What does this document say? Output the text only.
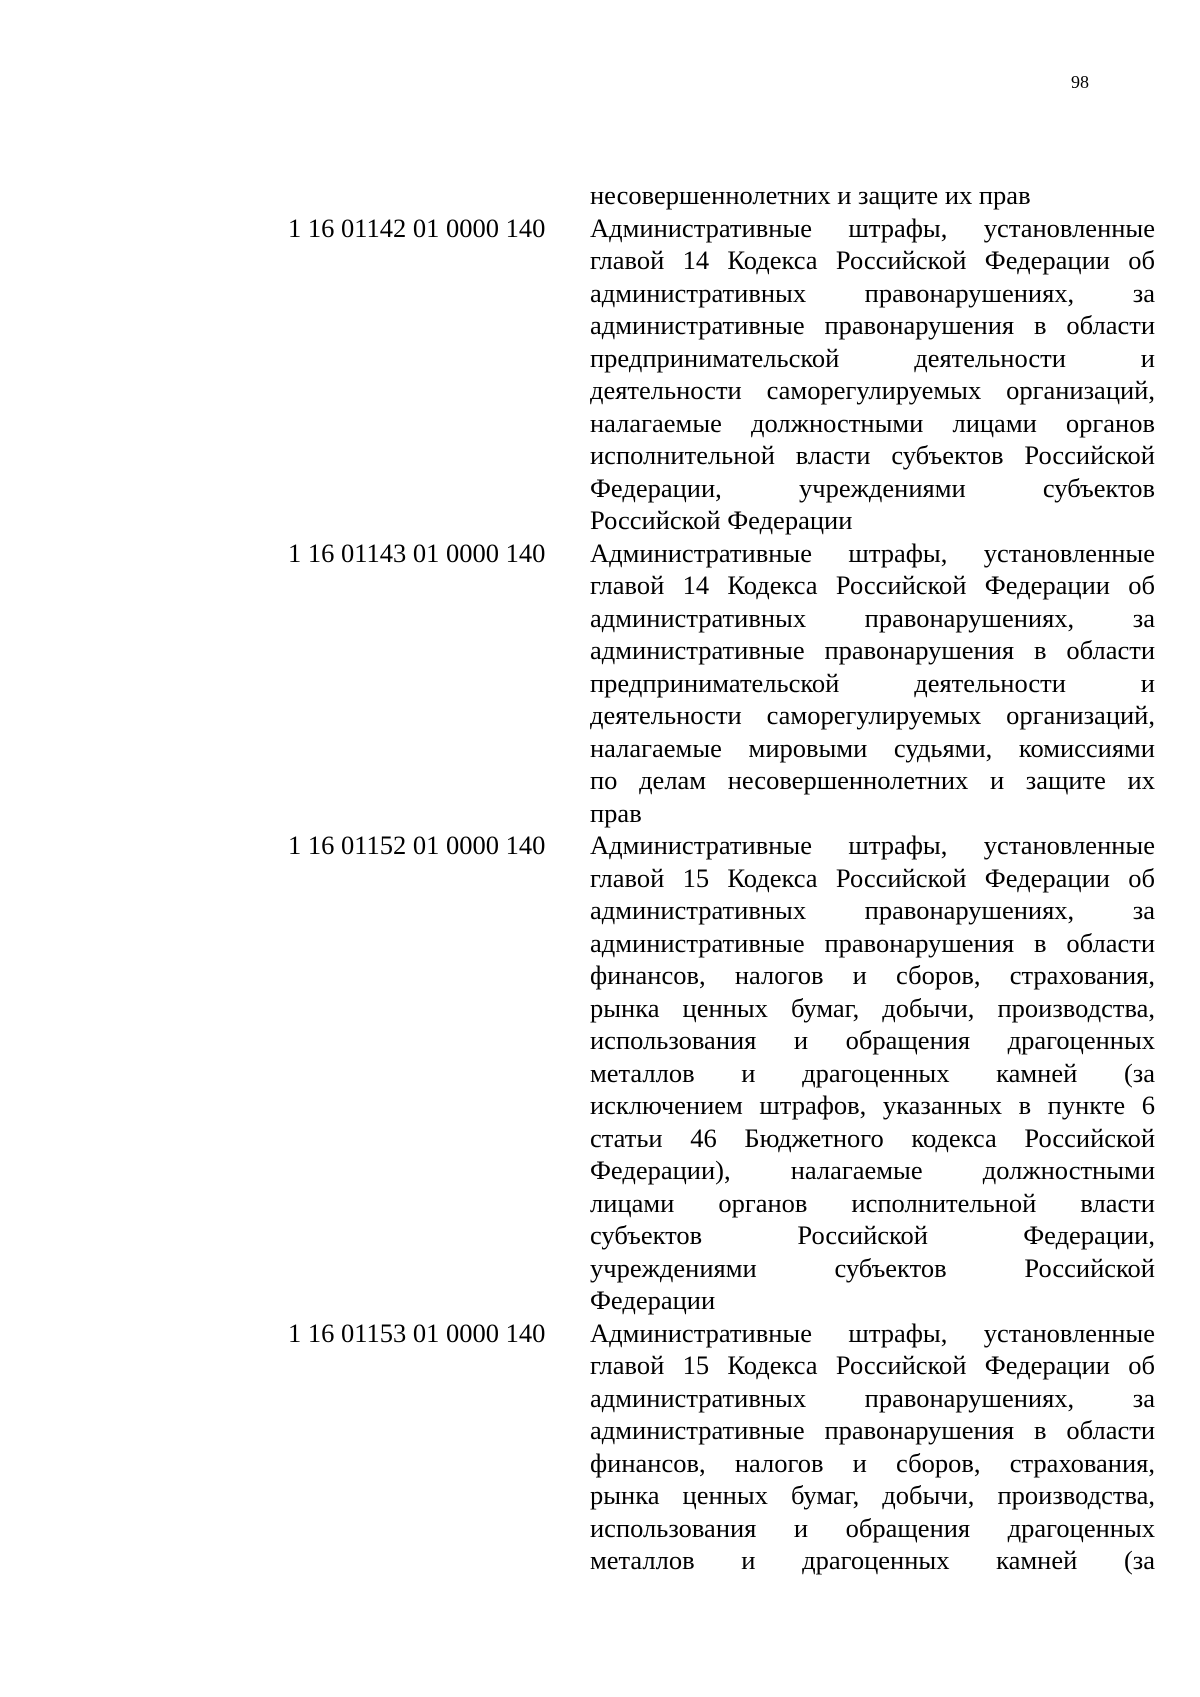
98
несовершеннолетних и защите их прав
1 16 01142 01 0000 140 Административные штрафы, установленные
главой 14 Кодекса Российской Федерации об
административных правонарушениях, за
административные правонарушения в области
предпринимательской деятельности и
деятельности саморегулируемых организаций,
налагаемые должностными лицами органов
исполнительной власти субъектов Российской
Федерации, учреждениями субъектов
Российской Федерации
1 16 01143 01 0000 140 Административные штрафы, установленные
главой 14 Кодекса Российской Федерации об
административных правонарушениях, за
административные правонарушения в области
предпринимательской деятельности и
деятельности саморегулируемых организаций,
налагаемые мировыми судьями, комиссиями
по делам несовершеннолетних и защите их
прав
1 16 01152 01 0000 140 Административные штрафы, установленные
главой 15 Кодекса Российской Федерации об
административных правонарушениях, за
административные правонарушения в области
финансов, налогов и сборов, страхования,
рынка ценных бумаг, добычи, производства,
использования и обращения драгоценных
металлов и драгоценных камней (за
исключением штрафов, указанных в пункте 6
статьи 46 Бюджетного кодекса Российской
Федерации), налагаемые должностными
лицами органов исполнительной власти
субъектов Российской Федерации,
учреждениями субъектов Российской
Федерации
1 16 01153 01 0000 140 Административные штрафы, установленные
главой 15 Кодекса Российской Федерации об
административных правонарушениях, за
административные правонарушения в области
финансов, налогов и сборов, страхования,
рынка ценных бумаг, добычи, производства,
использования и обращения драгоценных
металлов и драгоценных камней (за
